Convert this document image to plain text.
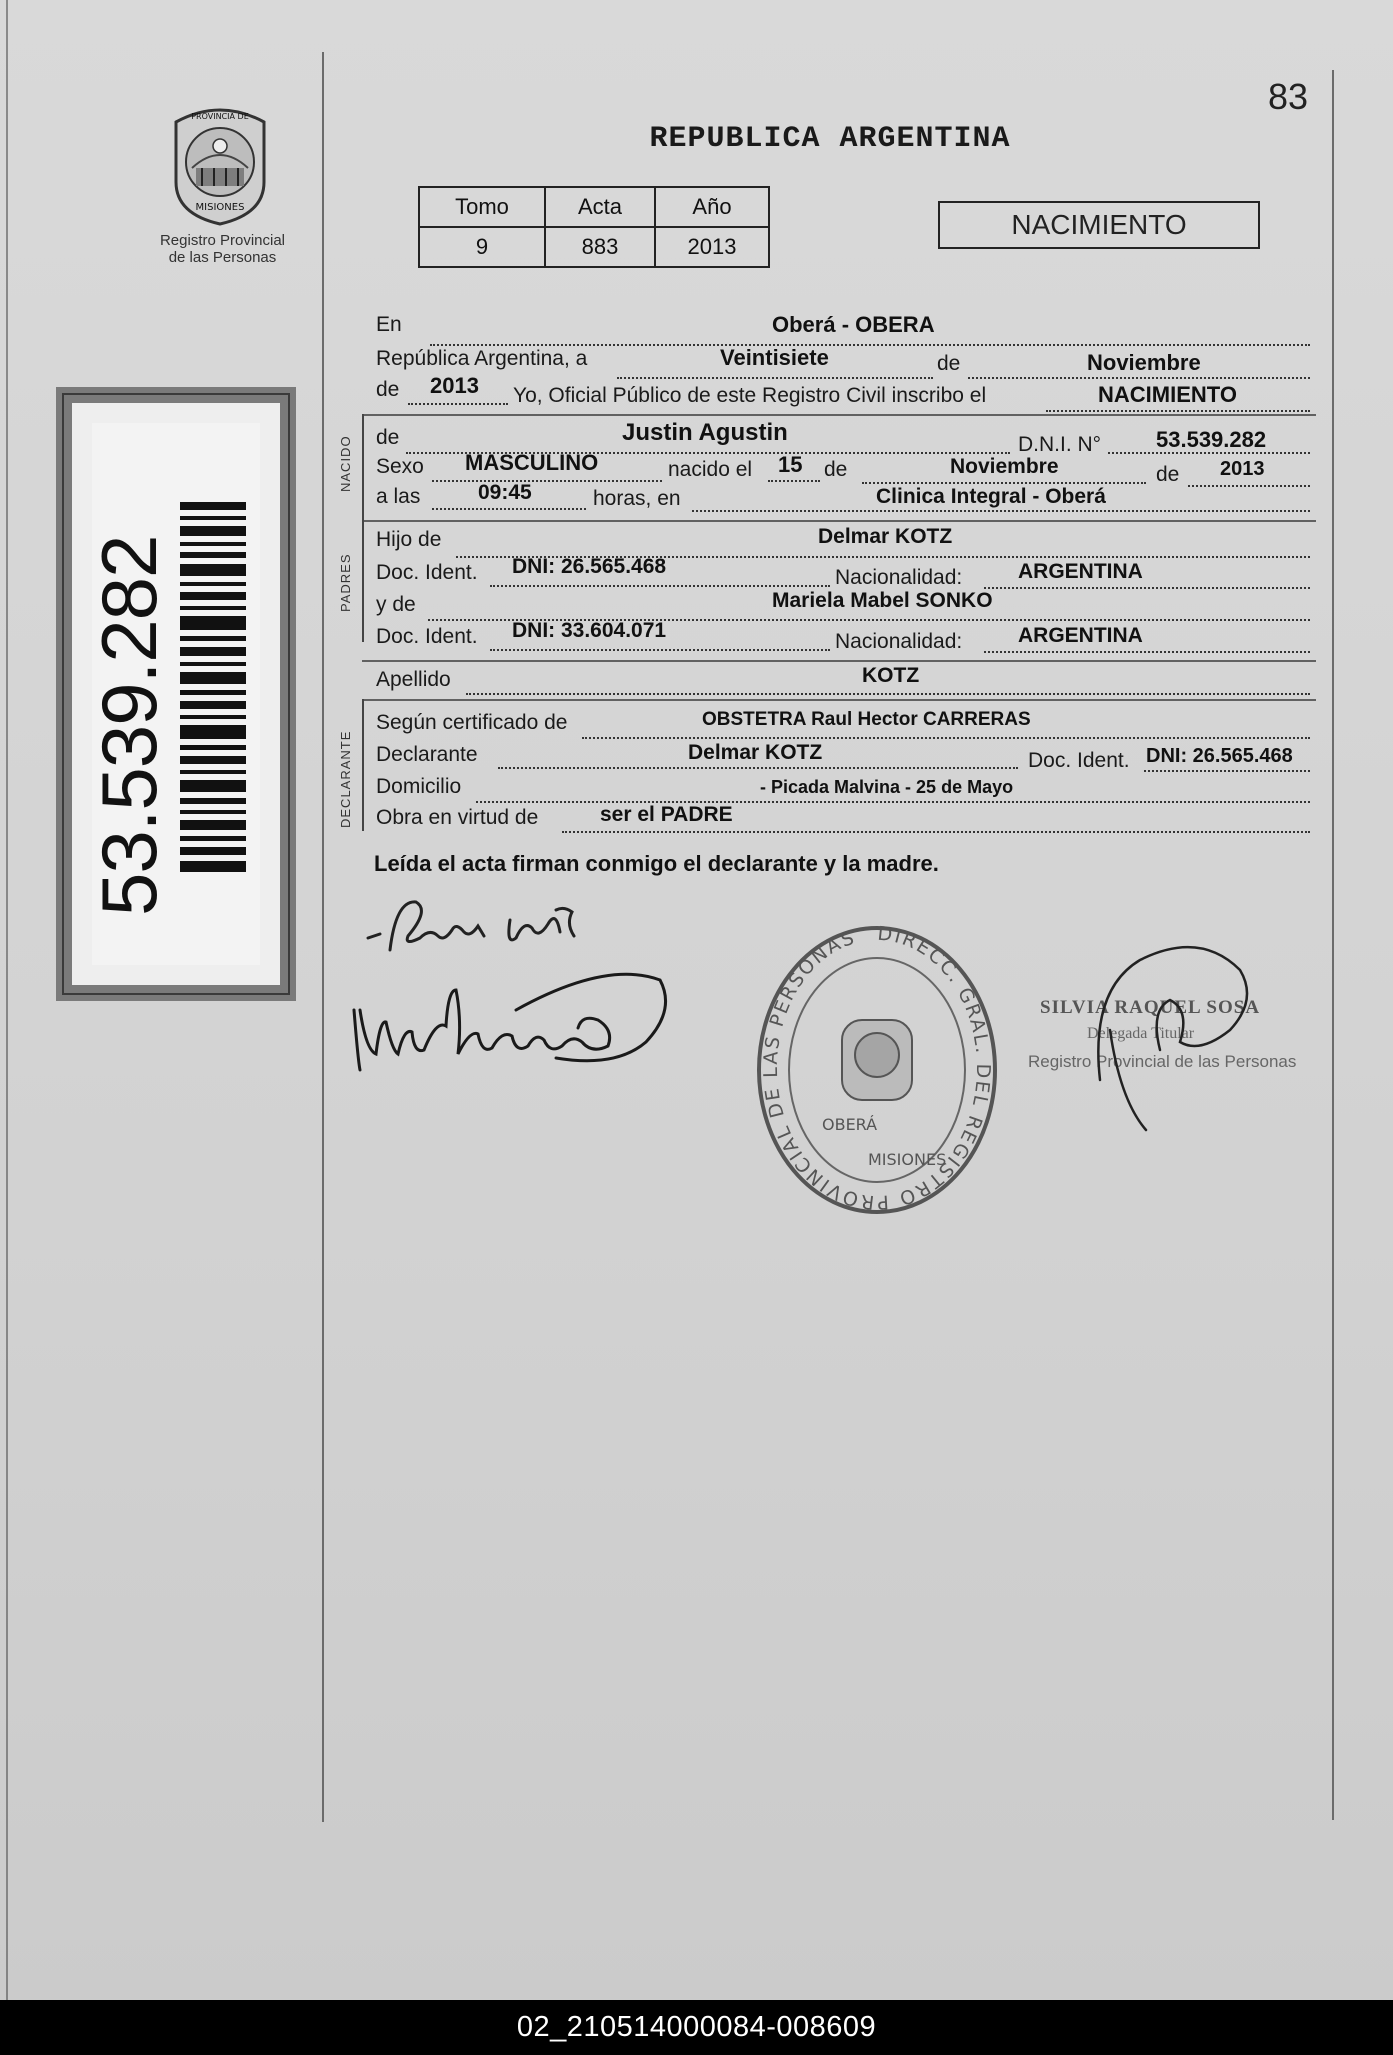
83
PROVINCIA DE
MISIONES
Registro Provincial
de las Personas
REPUBLICA ARGENTINA
Tomo	Acta	Año
9	883	2013
NACIMIENTO
53.539.282
En	Oberá - OBERA
República Argentina, a	Veintisiete	de	Noviembre
de 2013 Yo, Oficial Público de este Registro Civil inscribo el	NACIMIENTO
NACIDO de	Justin Agustin	D.N.I. N° 53.539.282
Sexo MASCULINO	nacido el 15 de	Noviembre	de 2013
a las	09:45	horas, en	Clinica Integral - Oberá
PADRES
Hijo de	Delmar KOTZ
Doc. Ident. DNI: 26.565.468	Nacionalidad:	ARGENTINA
y de	Mariela Mabel SONKO
Doc. Ident. DNI: 33.604.071	Nacionalidad:	ARGENTINA
Apellido	KOTZ
DECLARANTE
Según certificado de	OBSTETRA Raul Hector CARRERAS
Declarante	Delmar KOTZ	Doc. Ident. DNI: 26.565.468
Domicilio	- Picada Malvina - 25 de Mayo
Obra en virtud de	ser el PADRE
Leída el acta firman conmigo el declarante y la madre.
DIRECC. GRAL. DEL REGISTRO PROVINCIAL DE LAS PERSONAS
OBERÁ
MISIONES
SILVIA RAQUEL SOSA
Delegada Titular
Registro Provincial de las Personas
02_210514000084-008609
